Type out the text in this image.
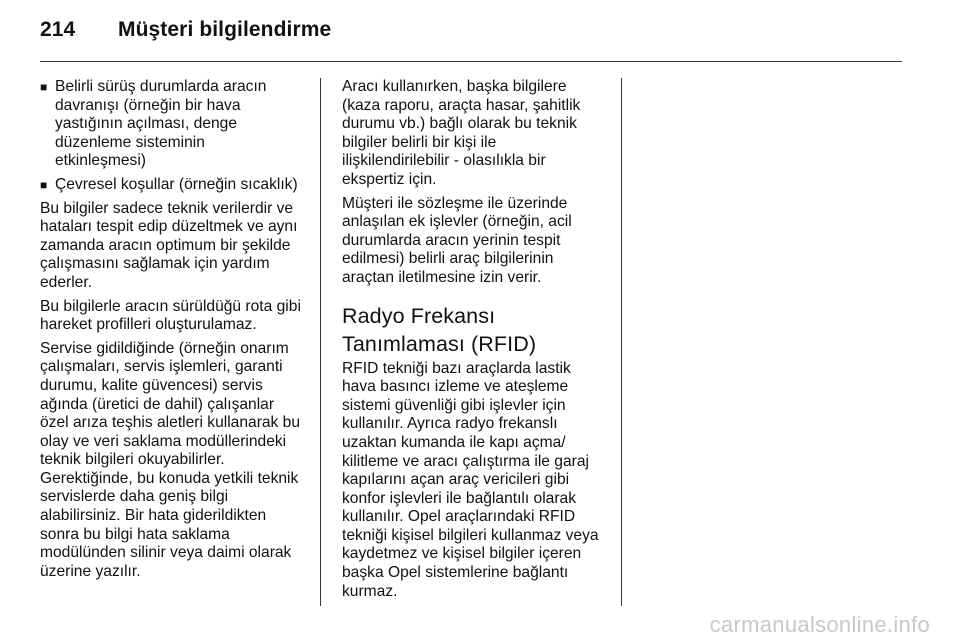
214	Müşteri bilgilendirme
■ Belirli sürüş durumlarda aracın
davranışı (örneğin bir hava
yastığının açılması, denge
düzenleme sisteminin
etkinleşmesi)
■ Çevresel koşullar (örneğin sıcaklık)
Bu bilgiler sadece teknik verilerdir ve
hataları tespit edip düzeltmek ve aynı
zamanda aracın optimum bir şekilde
çalışmasını sağlamak için yardım
ederler.
Bu bilgilerle aracın sürüldüğü rota gibi
hareket profilleri oluşturulamaz.
Servise gidildiğinde (örneğin onarım
çalışmaları, servis işlemleri, garanti
durumu, kalite güvencesi) servis
ağında (üretici de dahil) çalışanlar
özel arıza teşhis aletleri kullanarak bu
olay ve veri saklama modüllerindeki
teknik bilgileri okuyabilirler.
Gerektiğinde, bu konuda yetkili teknik
servislerde daha geniş bilgi
alabilirsiniz. Bir hata giderildikten
sonra bu bilgi hata saklama
modülünden silinir veya daimi olarak
üzerine yazılır.
Aracı kullanırken, başka bilgilere
(kaza raporu, araçta hasar, şahitlik
durumu vb.) bağlı olarak bu teknik
bilgiler belirli bir kişi ile
ilişkilendirilebilir - olasılıkla bir
ekspertiz için.
Müşteri ile sözleşme ile üzerinde
anlaşılan ek işlevler (örneğin, acil
durumlarda aracın yerinin tespit
edilmesi) belirli araç bilgilerinin
araçtan iletilmesine izin verir.
Radyo Frekansı
Tanımlaması (RFID)
RFID tekniği bazı araçlarda lastik
hava basıncı izleme ve ateşleme
sistemi güvenliği gibi işlevler için
kullanılır. Ayrıca radyo frekanslı
uzaktan kumanda ile kapı açma/
kilitleme ve aracı çalıştırma ile garaj
kapılarını açan araç vericileri gibi
konfor işlevleri ile bağlantılı olarak
kullanılır. Opel araçlarındaki RFID
tekniği kişisel bilgileri kullanmaz veya
kaydetmez ve kişisel bilgiler içeren
başka Opel sistemlerine bağlantı
kurmaz.
carmanualsonline.info
